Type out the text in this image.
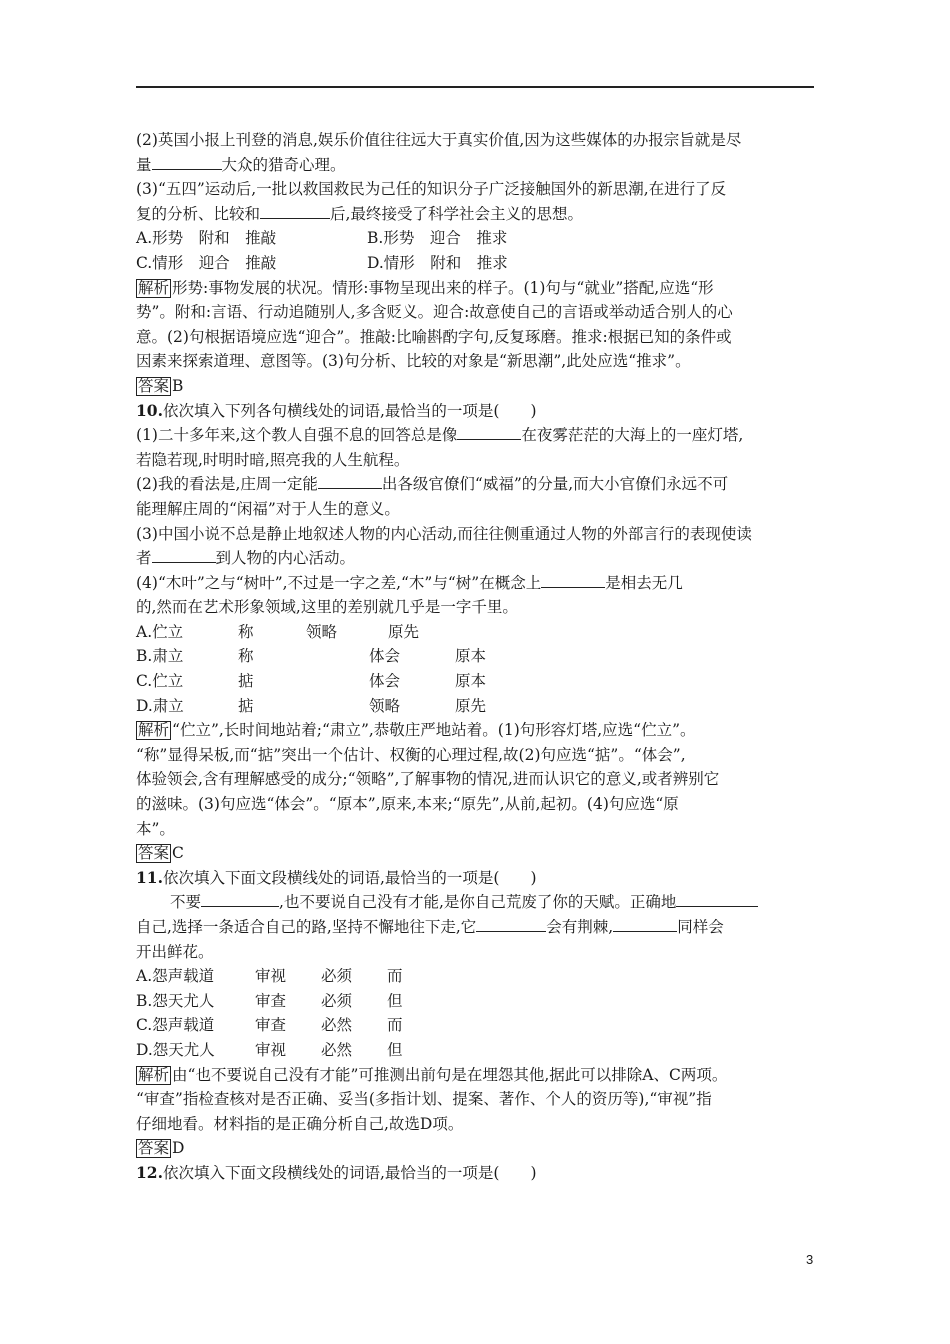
(2)英国小报上刊登的消息,娱乐价值往往远大于真实价值,因为这些媒体的办报宗旨就是尽

量	大众的猎奇心理。

(3)“五四”运动后,一批以救国救民为己任的知识分子广泛接触国外的新思潮,在进行了反

复的分析、比较和	后,最终接受了科学社会主义的思想。

A.形势　附和　推敲	B.形势　迎合　推求
C.情形　迎合　推敲	D.情形　附和　推求

解析 形势:事物发展的状况。情形:事物呈现出来的样子。(1)句与“就业”搭配,应选“形

势”。附和:言语、行动追随别人,多含贬义。迎合:故意使自己的言语或举动适合别人的心

意。(2)句根据语境应选“迎合”。推敲:比喻斟酌字句,反复琢磨。推求:根据已知的条件或

因素来探索道理、意图等。(3)句分析、比较的对象是“新思潮”,此处应选“推求”。

答案 B

10.依次填入下列各句横线处的词语,最恰当的一项是(　　)

(1)二十多年来,这个教人自强不息的回答总是像	在夜雾茫茫的大海上的一座灯塔,

若隐若现,时明时暗,照亮我的人生航程。

(2)我的看法是,庄周一定能	出各级官僚们“威福”的分量,而大小官僚们永远不可

能理解庄周的“闲福”对于人生的意义。

(3)中国小说不总是静止地叙述人物的内心活动,而往往侧重通过人物的外部言行的表现使读

者	到人物的内心活动。

(4)“木叶”之与“树叶”,不过是一字之差,“木”与“树”在概念上	是相去无几

的,然而在艺术形象领域,这里的差别就几乎是一字千里。

A.伫立	称	领略	原先
B.肃立	称	体会	原本
C.伫立	掂	体会	原本
D.肃立	掂	领略	原先

解析 “伫立”,长时间地站着;“肃立”,恭敬庄严地站着。(1)句形容灯塔,应选“伫立”。

“称”显得呆板,而“掂”突出一个估计、权衡的心理过程,故(2)句应选“掂”。“体会”,

体验领会,含有理解感受的成分;“领略”,了解事物的情况,进而认识它的意义,或者辨别它

的滋味。(3)句应选“体会”。“原本”,原来,本来;“原先”,从前,起初。(4)句应选“原

本”。

答案 C

11.依次填入下面文段横线处的词语,最恰当的一项是(　　)

不要	,也不要说自己没有才能,是你自己荒废了你的天赋。正确地

自己,选择一条适合自己的路,坚持不懈地往下走,它	会有荆棘,	同样会

开出鲜花。

A.怨声载道	审视	必须	而
B.怨天尤人	审查	必须	但
C.怨声载道	审查	必然	而
D.怨天尤人	审视	必然	但

解析 由“也不要说自己没有才能”可推测出前句是在埋怨其他,据此可以排除A、C两项。

“审查”指检查核对是否正确、妥当(多指计划、提案、著作、个人的资历等),“审视”指

仔细地看。材料指的是正确分析自己,故选D项。

答案 D

12.依次填入下面文段横线处的词语,最恰当的一项是(　　)

3
